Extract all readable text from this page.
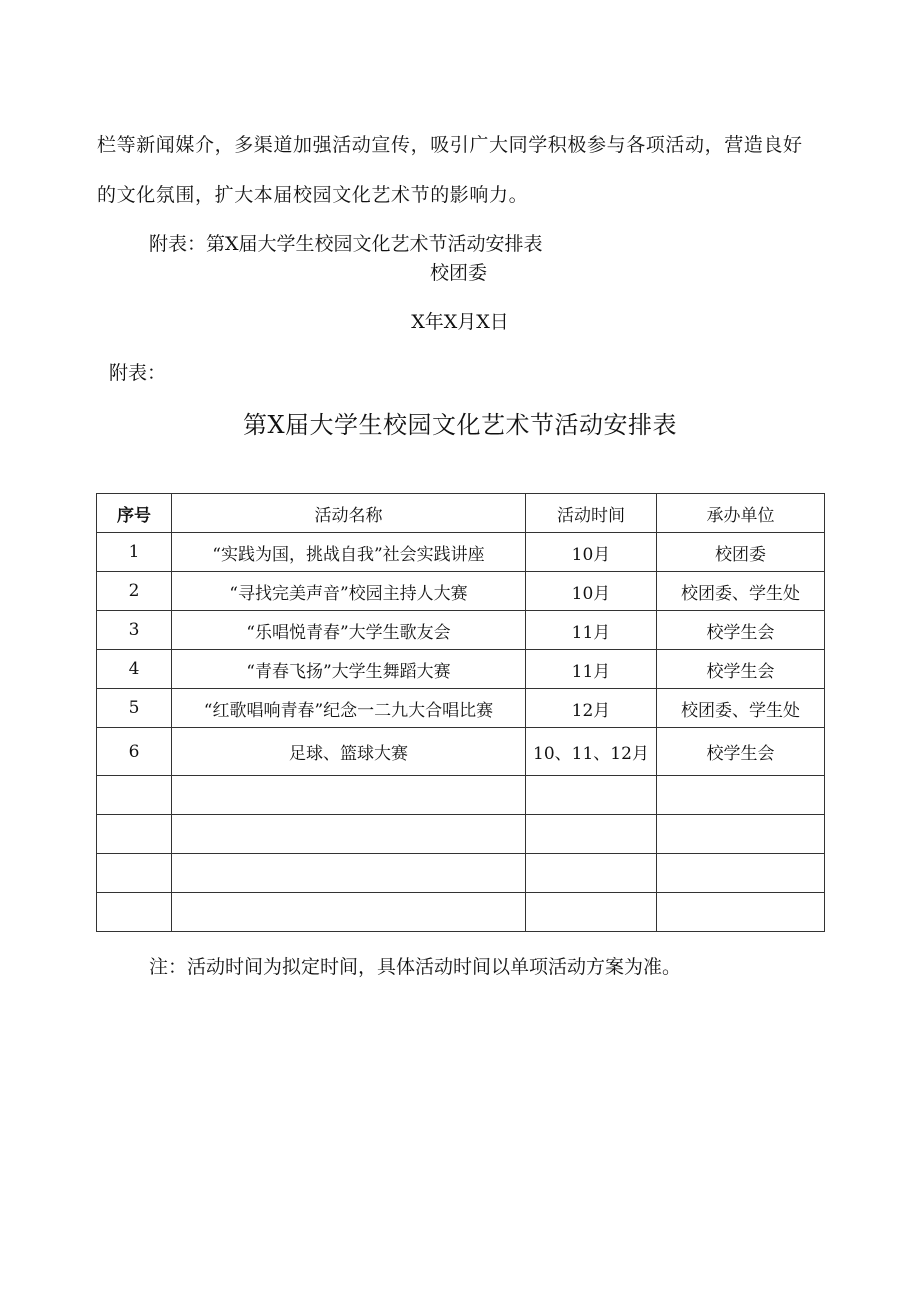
栏等新闻媒介，多渠道加强活动宣传，吸引广大同学积极参与各项活动，营造良好
的文化氛围，扩大本届校园文化艺术节的影响力。
附表：第X届大学生校园文化艺术节活动安排表
校团委
X年X月X日
附表：
第X届大学生校园文化艺术节活动安排表
序号	活动名称	活动时间	承办单位
1	“实践为国，挑战自我”社会实践讲座	10月	校团委
2	“寻找完美声音”校园主持人大赛	10月	校团委、学生处
3	“乐唱悦青春”大学生歌友会	11月	校学生会
4	“青春飞扬”大学生舞蹈大赛	11月	校学生会
5	“红歌唱响青春”纪念一二九大合唱比赛	12月	校团委、学生处
6	足球、篮球大赛	10、11、12月	校学生会

注：活动时间为拟定时间，具体活动时间以单项活动方案为准。
